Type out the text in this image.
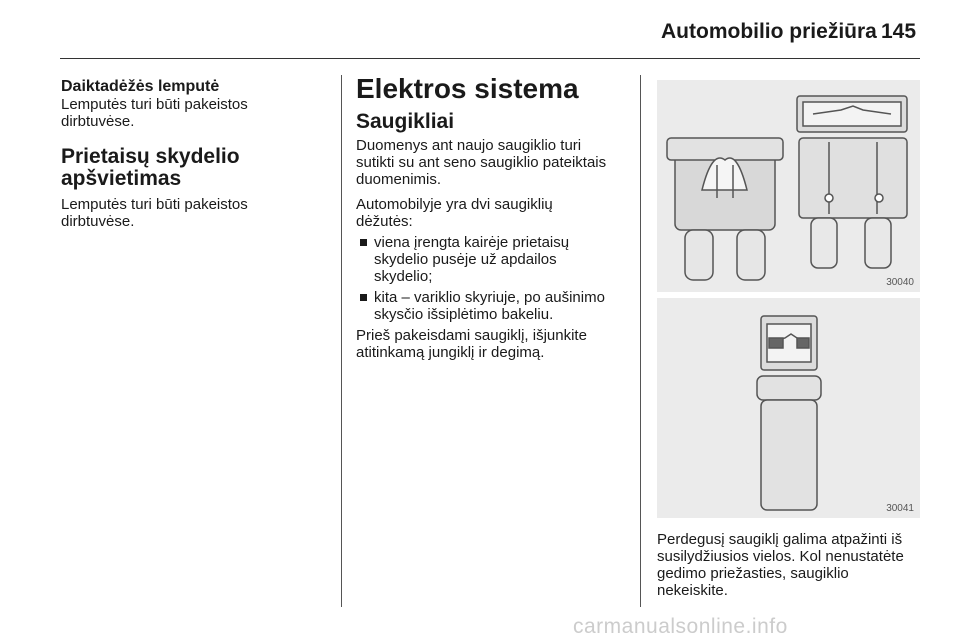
Automobilio priežiūra 145

Daiktadėžės lemputė

Lemputės turi būti pakeistos

dirbtuvėse.

Prietaisų skydelio

apšvietimas

Lemputės turi būti pakeistos

dirbtuvėse.

Elektros sistema

Saugikliai

Duomenys ant naujo saugiklio turi

sutikti su ant seno saugiklio pateiktais

duomenimis.

Automobilyje yra dvi saugiklių

dėžutės:

viena įrengta kairėje prietaisų
skydelio pusėje už apdailos
skydelio;
kita – variklio skyriuje, po aušinimo
skysčio išsiplėtimo bakeliu.

Prieš pakeisdami saugiklį, išjunkite

atitinkamą jungiklį ir degimą.

30040
30041

Perdegusį saugiklį galima atpažinti iš

susilydžiusios vielos. Kol nenustatėte

gedimo priežasties, saugiklio

nekeiskite.

carmanualsonline.info
